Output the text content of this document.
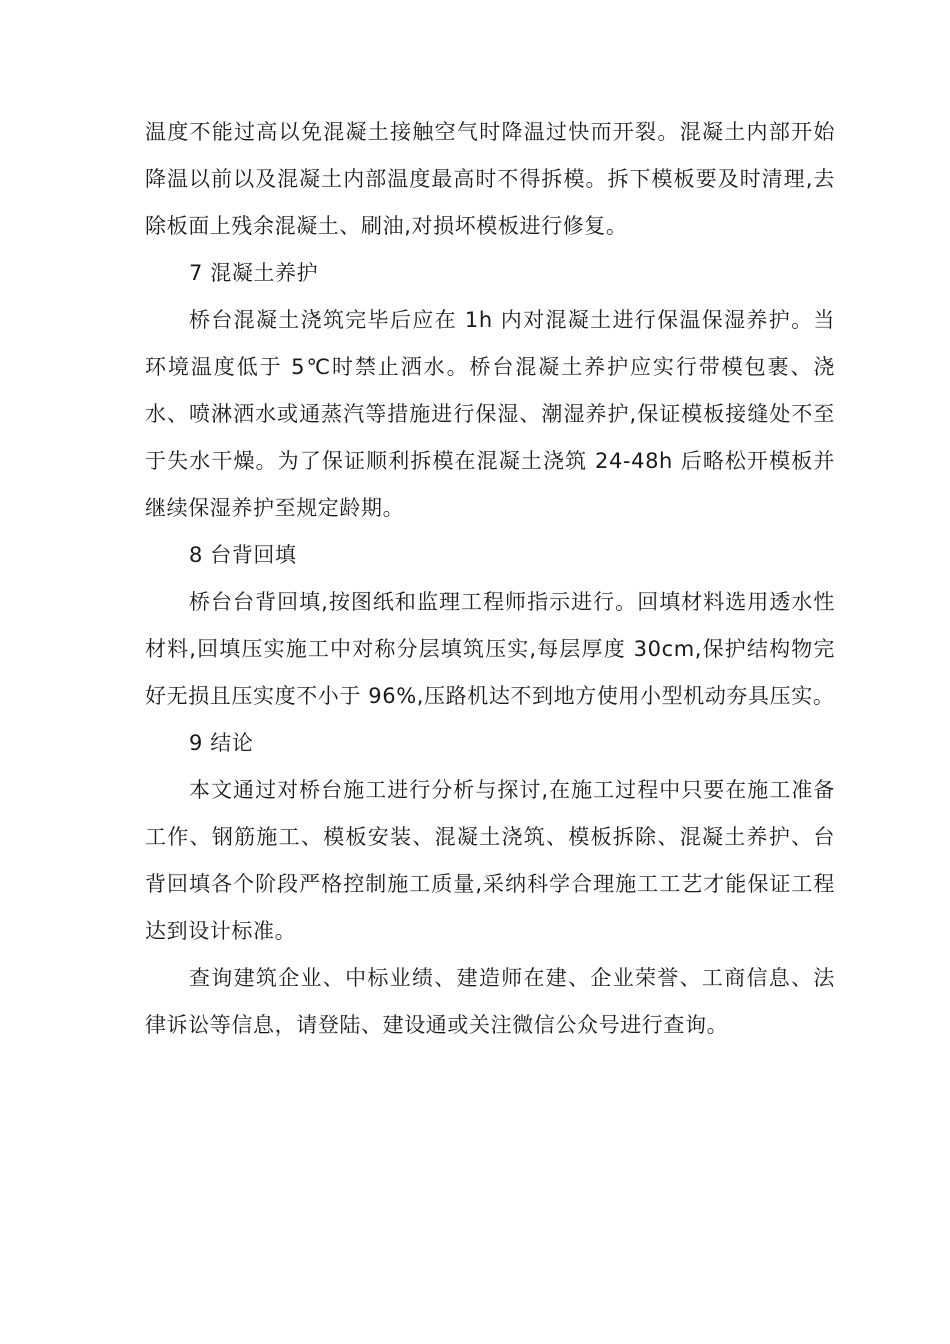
温度不能过高以免混凝土接触空气时降温过快而开裂。混凝土内部开始降温以前以及混凝土内部温度最高时不得拆模。拆下模板要及时清理,去除板面上残余混凝土、刷油,对损坏模板进行修复。

7 混凝土养护

桥台混凝土浇筑完毕后应在 1h 内对混凝土进行保温保湿养护。当环境温度低于 5℃时禁止洒水。桥台混凝土养护应实行带模包裹、浇水、喷淋洒水或通蒸汽等措施进行保湿、潮湿养护,保证模板接缝处不至于失水干燥。为了保证顺利拆模在混凝土浇筑 24-48h 后略松开模板并继续保湿养护至规定龄期。

8 台背回填

桥台台背回填,按图纸和监理工程师指示进行。回填材料选用透水性材料,回填压实施工中对称分层填筑压实,每层厚度 30cm,保护结构物完好无损且压实度不小于 96%,压路机达不到地方使用小型机动夯具压实。

9 结论

本文通过对桥台施工进行分析与探讨,在施工过程中只要在施工准备工作、钢筋施工、模板安装、混凝土浇筑、模板拆除、混凝土养护、台背回填各个阶段严格控制施工质量,采纳科学合理施工工艺才能保证工程达到设计标准。

查询建筑企业、中标业绩、建造师在建、企业荣誉、工商信息、法律诉讼等信息，请登陆、建设通或关注微信公众号进行查询。
